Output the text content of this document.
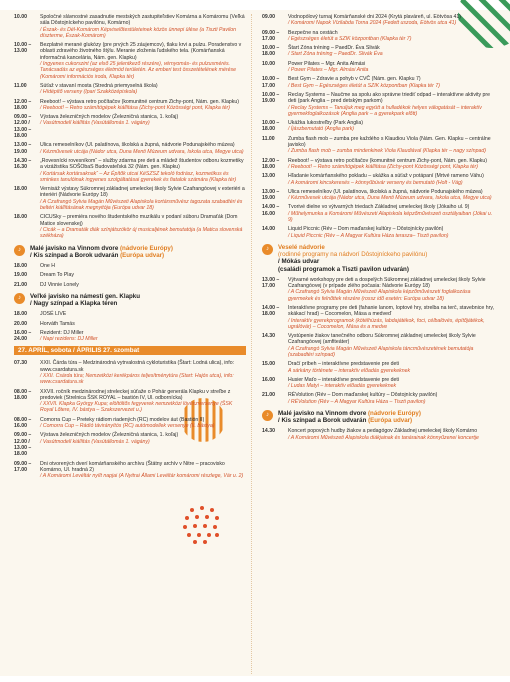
10.00	Spoločné slávnostné zasadnutie mestských zastupiteľstiev Komárna a Komáromu (Veľká sála Dôstojníckeho pavilónu, Komárno)
/ Észak- és Dél-Komárom Képviselőtestületeinek közös ünnepi ülése (a Tiszti Pavilon díszterme, Észak-Komárom)
10.00 – 13.00
Bezplatné merané glukózy (pre prvých 25 záujemcov), tlaku krvi a pulzu. Poradenstvo v oblasti zdravého životného štýlu. Meranie zloženia ľudského tela. (Komárňanská informačná kancelária, Nám. gen. Klapku)
/ Ingyenes cukorszint (az első 25 jelentkező részére), vérnyomás- és pulzusmérés. Tanácsadás az egészséges életmód területén. Az emberi test összetételének mérése (Komáromi információs iroda, Klapka tér)
11.00	Súťaž v stavaní mosta (Stredná priemyselná škola)
/ Hídépítő verseny (Ipari Szakközépiskola)
12.00 – 18.00
Reeboot! – výstava retro počítačov (komunitné centrum Zichy-pont, Nám. gen. Klapku)
/ Reeboot! – Retro számítógépek kiállítása (Zichy-pont Közösségi pont, Klapka tér)
09.00 – 12.00 / 13.00 – 18.00
Výstava železničných modelov (Železničná stanica, 1. koľaj)
/ Vasútmodell kiállítás (Vasútállomás 1. vágány)
13.00 – 19.00
Ulica remeselníkov (Ul. palatínova, školská a župná, nádvorie Podunajského múzea)
/ Kézművesek utcája (Nádor utca, Duna Menti Múzeum udvara, Iskola utca, Megye utca)
14.30 – 16.30
„Rovesnícki rovesníkom“ – služby zdarma pre deti a mládež študentov odboru kozmetiky a vizážistika SOŠObaS Budovateľská 32 (Nám. gen. Klapku)
/ Kortársak kortársaknak“ – Az Építők utcai KéSZSZ tekoló fodrász, kozmetikus és sminkes tanulóinak ingyenes szolgáltatásai gyerekek és fiatalok számára (Klapka tér)
18.00	Vernisáž výstavy Súkromnej základnej umeleckej školy Sylvie Czafrangóovej v exteriéri a interiéri (Nádvorie Európy 18)
/ A Czafrangó Sylvia Magán Művészeti Alapiskola kortársművész tagozata szabadtéri és beltéri kiállításának megnyitója (Európa udvar 18)
18.00	CICUSky – premiéra nového študentského muzikálu v podaní súboru Dramaťák (Dom Matice slovenskej)
/ Cicák – a Dramaták diák színjátszókör új musicaljének bemutatója (a Matica slovenská székháza)
♪	Malé javisko na Vinnom dvore (nádvorie Európy)
/ Kis színpad a Borok udvarán (Európa udvar)
18.00	One H
19.00	Dream To Play
21.00	DJ Vinnie Lonely
♪	Veľké javisko na námestí gen. Klapku
/ Nagy színpad a Klapka téren
18.00	JOSÉ LIVE
20.00	Horváth Tamás
16.00 – 24.00
Rezident: DJ Miller
/ Napi rezidens: DJ Miller
27. APRÍL, sobota / ÁPRILIS 27. szombat
07.30	XXII. Čárda túra – Medzinárodná vytrvalostná cykloturistika (Štart: Lodná ulica), info: www.csardatura.sk
/ XXII. Csárda túra; Nemzetközi kerékpáros teljesítménytúra (Start: Hajós utca), info: www.csardatura.sk
08.00 – 18.00
XXVII. ročník medzinárodnej streleckej súťaže o Pohár generála Klapku v streľbe z predoviek (Strelnica ŠSK ROYAL – bastión IV, Ul. odbornícka)
/ XXVII. Klapka György Kupa; elöltöltős fegyverek nemzetközi lövészversenye (ŠSK Royal Lőtere, IV. bástya – Szakszervezet u.)
08.00 – 16.00
Comorra Cup – Preteky rádiom riadených (RC) modelov áut (Bastión II)
/ Comorra Cup – Rádió távirányítós (RC) autómodellek versenye (II. bástya)
09.00 – 12.00 / 13.00 – 18.00
Výstava železničných modelov (Železničná stanica, 1. koľaj)
/ Vasútmodell kiállítás (Vasútállomás 1. vágány)
09.00 – 17.00
Dni otvorených dverí komárňanského archívu (Štátny archív v Nitre – pracovisko Komárno, Ul. hradná 2)
/ A Komáromi Levéltár nyílt napjai (A Nyitrai Állami Levéltár komáromi részlege, Vár u. 2)
09.00	Vodnopólový turnaj Komárňanské dni 2024 (Krytá plaváreň, ul. Eötvösa 41)
/ Komáromi Napok Vízilabda Torna 2024 (Fedett uszoda, Eötvös utca 41)
09.00 – 17.00
Bezpečne na cestách
/ Egészséges életút a SZIK központban (Klapka tér 7)
10.00 – 18.00
Štart Zóna tréning – PaedDr. Éva Slivák
/ Start Zóna tréning – PaedDr. Slivák Éva
10.00	Power Pilates – Mgr. Anita Almási
/ Power Pilates – Mgr. Almási Anita
10.00 – 17.00
Best Gym – Zdravie a pohyb v CVČ (Nám. gen. Klapku 7)
/ Best Gym – Egészséges életút a SZIK központban (Klapka tér 7)
10.00 – 19.00
Reclay Systems – Naučme sa spolu ako správne triediť odpad – interaktívne aktivity pre deti (park Anglia – pred detským parkom)
/ Reclay Systems – Tanuljuk meg együtt a hulladékok helyes válogatását – interaktív gyermekfoglalkozások (Anglia park – a gyerekpark előtt)
10.00 – 18.00
Ukážka lukostreľby (Park Anglia)
/ Íjászbemutató (Anglia park)
11.00	Zumba flash mob – zumba pre každého s Klaudiou Viola (Nám. Gen. Klapku – centrálne javisko)
/ Zumba flash mob – zumba mindenkinek Viola Klaudiával (Klapka tér – nagy színpad)
12.00 – 18.00
Reeboot! – výstava retro počítačov (komunitné centrum Zichy-pont, Nám. gen. Klapku)
/ Reeboot! – Retro számítógépek kiállítása (Zichy-pont Közösségi pont, Klapka tér)
13.00	Hľadanie komárňanského pokladu – ukážka a súťaž v potápaní (Mrtvé rameno Váhu)
/ A komáromi kincskeresés – könnyűbúvár verseny és bemutató (Holt - Vág)
13.00 – 19.00
Ulica remeselníkov (Ul. palatínova, školská a župná, nádvorie Podunajského múzea)
/ Kézművesek utcája (Nádor utca, Duna Menti Múzeum udvara, Iskola utca, Megye utca)
14.00 – 16.00
Tvorivé dielne vo výtvarných triedach Základnej umeleckej školy (Jókaiho ul. 9)
/ Műhelymunka a Komáromi Művészeti Alapiskola képzőművészeti osztályaiban (Jókai u. 9)
14.00	Liquid Piccnic (Rév – Dom maďarskej kultúry – Dôstojnícky pavilón)
/ Liquid Piccnic (Rév – A Magyar Kultúra Háza terasza– Tiszti pavilon)
♪	Veselé nádvorie
(rodinné programy na nádvorí Dôstojníckeho pavilónu)
/ Mókás udvar
(családi programok a Tiszti pavilon udvarán)
13.00 – 17.00
Výtvarné workshopy pre deti a dospelých Súkromnej základnej umeleckej školy Sylvie Czafrangóovej (v prípade zlého počasia: Nádvorie Európy 18)
/ A Czafrangó Sylvia Magán Művészeti Alapiskola képzőművészeti foglalkozása gyermekek és felnőttek részére (rossz idő esetén: Európa udvar 18)
14.00 – 18.00
Interaktívne programy pre deti (fahanie lanom, loptové hry, strelba na terč, stavebnice hry, skákací hrad) – Cocomelon, Mása a medveď
/ Interaktív gyerekprogramok (kötélhúzás, labdajátékok, foci, célbalövés, építőjátékok, ugrálóvár) – Cocomelon, Mása és a medve
14.30	Vystúpenie žiakov tanečného odboru Súkromnej základnej umeleckej školy Sylvie Czafrangóovej (amfiteáter)
/ A Czafrangó Sylvia Magán Művészeti Alapiskola táncművészetének bemutatója (szabadtéri színpad)
15.00	Dračí príbeh – interaktívne predstavenie pre deti
A sárkány története – interaktív előadás gyerekeknek
16.00	Husier Maťo – interaktívne predstavenie pre deti
/ Ludas Matyi – interaktív előadás gyerekeknek
21.00	RÉVolution (Rév – Dom maďarskej kultúry – Dôstojnícky pavilón)
/ RÉVolution (Rév – A Magyar Kultúra Háza – Tiszti pavilon)
♪	Malé javisko na Vinnom dvore (nádvorie Európy)
/ Kis színpad a Borok udvarán (Európa udvar)
14.30	Koncert popových hudby žiakov a pedagógov Základnej umeleckej školy Komárno
/ A Komáromi Művészeti Alapiskola diákjainak és tanárainak könnyűzenei koncertje
